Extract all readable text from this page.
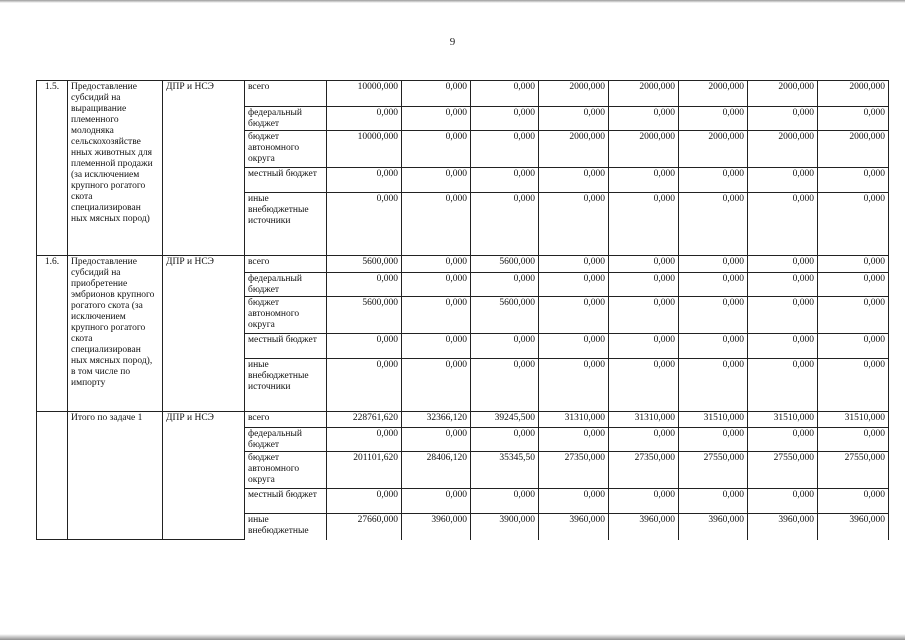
9
1.5.	Предоставление субсидий на выращивание племенного молодняка сельскохозяйстве нных животных для племенной продажи (за исключением крупного рогатого скота специализирован ных мясных пород)	ДПР и НСЭ	всего	10000,000	0,000	0,000	2000,000	2000,000	2000,000	2000,000	2000,000
			федеральный бюджет	0,000	0,000	0,000	0,000	0,000	0,000	0,000	0,000
			бюджет автономного округа	10000,000	0,000	0,000	2000,000	2000,000	2000,000	2000,000	2000,000
			местный бюджет	0,000	0,000	0,000	0,000	0,000	0,000	0,000	0,000
			иные внебюджетные источники	0,000	0,000	0,000	0,000	0,000	0,000	0,000	0,000
1.6.	Предоставление субсидий на приобретение эмбрионов крупного рогатого скота (за исключением крупного рогатого скота специализирован ных мясных пород), в том числе по импорту	ДПР и НСЭ	всего	5600,000	0,000	5600,000	0,000	0,000	0,000	0,000	0,000
			федеральный бюджет	0,000	0,000	0,000	0,000	0,000	0,000	0,000	0,000
			бюджет автономного округа	5600,000	0,000	5600,000	0,000	0,000	0,000	0,000	0,000
			местный бюджет	0,000	0,000	0,000	0,000	0,000	0,000	0,000	0,000
			иные внебюджетные источники	0,000	0,000	0,000	0,000	0,000	0,000	0,000	0,000
	Итого по задаче 1	ДПР и НСЭ	всего	228761,620	32366,120	39245,500	31310,000	31310,000	31510,000	31510,000	31510,000
			федеральный бюджет	0,000	0,000	0,000	0,000	0,000	0,000	0,000	0,000
			бюджет автономного округа	201101,620	28406,120	35345,50	27350,000	27350,000	27550,000	27550,000	27550,000
			местный бюджет	0,000	0,000	0,000	0,000	0,000	0,000	0,000	0,000
			иные внебюджетные	27660,000	3960,000	3900,000	3960,000	3960,000	3960,000	3960,000	3960,000
